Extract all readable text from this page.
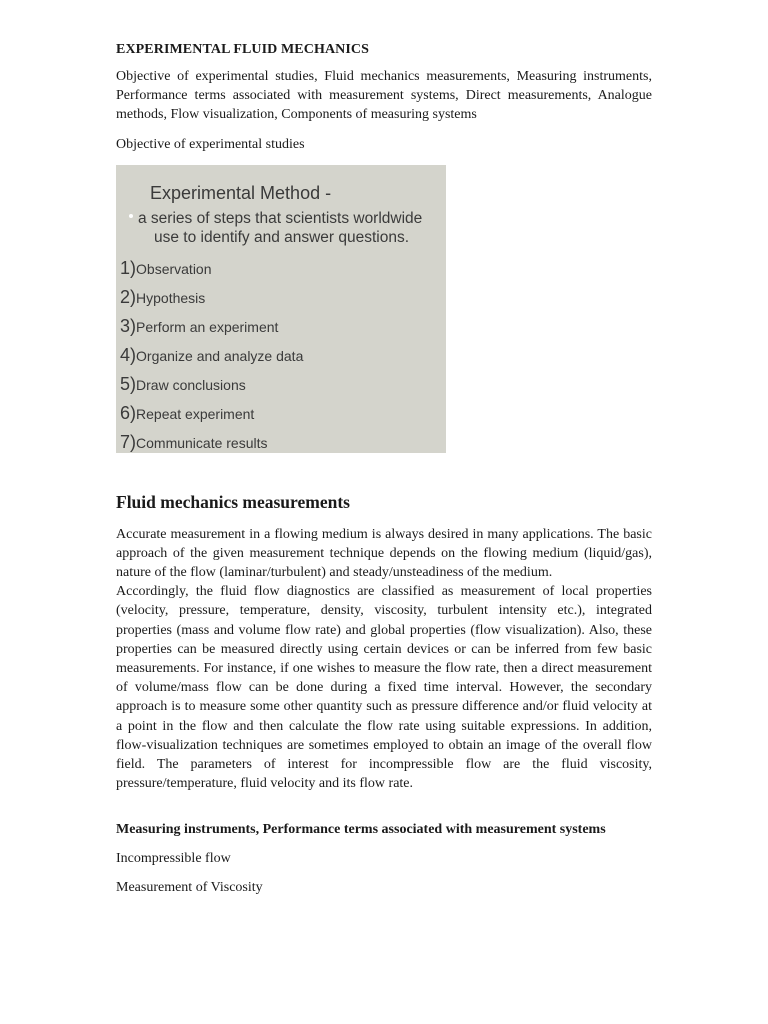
EXPERIMENTAL FLUID MECHANICS

Objective of experimental studies, Fluid mechanics measurements, Measuring instruments, Performance terms associated with measurement systems, Direct measurements, Analogue methods, Flow visualization, Components of measuring systems

Objective of experimental studies

Experimental Method -
a series of steps that scientists worldwide
use to identify and answer questions.
1)Observation
2)Hypothesis
3)Perform an experiment
4)Organize and analyze data
5)Draw conclusions
6)Repeat experiment
7)Communicate results
Fluid mechanics measurements

Accurate measurement in a flowing medium is always desired in many applications. The basic approach of the given measurement technique depends on the flowing medium (liquid/gas), nature of the flow (laminar/turbulent) and steady/unsteadiness of the medium.

Accordingly, the fluid flow diagnostics are classified as measurement of local properties (velocity, pressure, temperature, density, viscosity, turbulent intensity etc.), integrated properties (mass and volume flow rate) and global properties (flow visualization). Also, these properties can be measured directly using certain devices or can be inferred from few basic measurements. For instance, if one wishes to measure the flow rate, then a direct measurement of volume/mass flow can be done during a fixed time interval. However, the secondary approach is to measure some other quantity such as pressure difference and/or fluid velocity at a point in the flow and then calculate the flow rate using suitable expressions. In addition, flow-visualization techniques are sometimes employed to obtain an image of the overall flow field. The parameters of interest for incompressible flow are the fluid viscosity, pressure/temperature, fluid velocity and its flow rate.

Measuring instruments, Performance terms associated with measurement systems

Incompressible flow

Measurement of Viscosity
